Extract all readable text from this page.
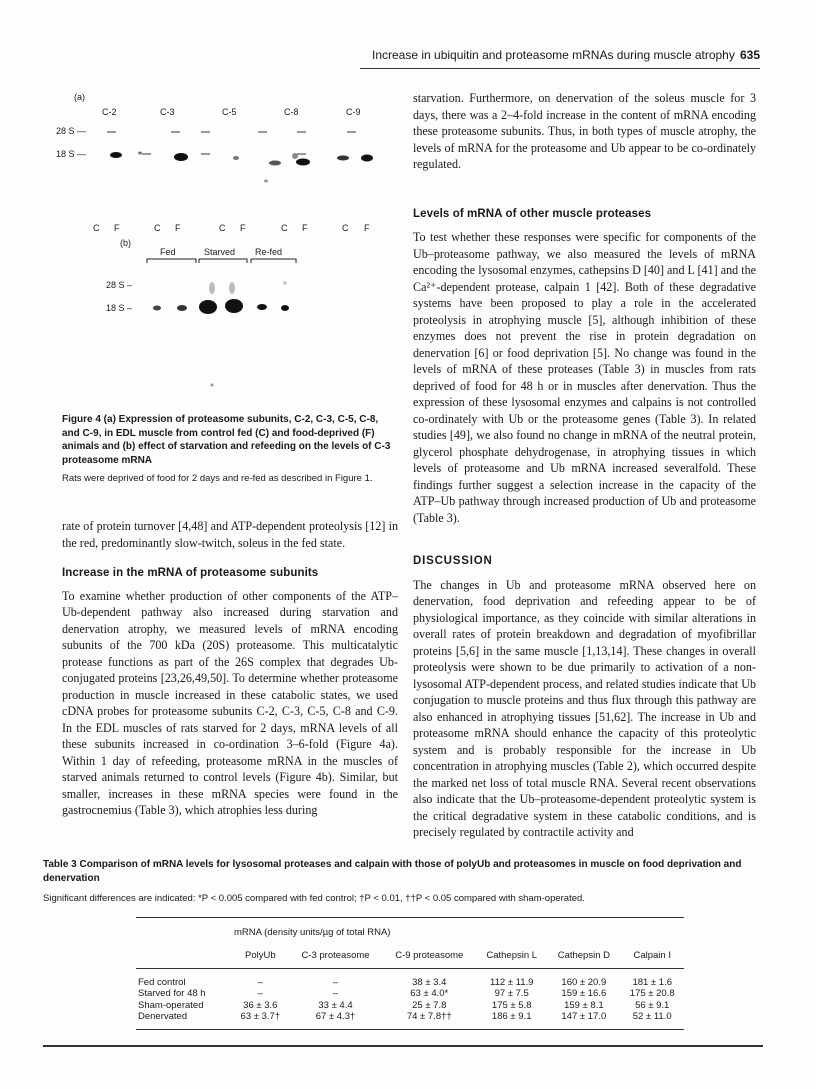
Increase in ubiquitin and proteasome mRNAs during muscle atrophy 635
(a)
C-2	C-3	C-5	C-8	C-9
28 S —
18 S —
C F	C F	C F	C F	C F
(b)
Fed	Starved Re-fed
28 S –
18 S –
Figure 4 (a) Expression of proteasome subunits, C-2, C-3, C-5, C-8, and C-9, in EDL muscle from control fed (C) and food-deprived (F) animals and (b) effect of starvation and refeeding on the levels of C-3 proteasome mRNA
Rats were deprived of food for 2 days and re-fed as described in Figure 1.

rate of protein turnover [4,48] and ATP-dependent proteolysis [12] in the red, predominantly slow-twitch, soleus in the fed state.

Increase in the mRNA of proteasome subunits

To examine whether production of other components of the ATP–Ub-dependent pathway also increased during starvation and denervation atrophy, we measured levels of mRNA encoding subunits of the 700 kDa (20S) proteasome. This multicatalytic protease functions as part of the 26S complex that degrades Ub-conjugated proteins [23,26,49,50]. To determine whether proteasome production in muscle increased in these catabolic states, we used cDNA probes for proteasome subunits C-2, C-3, C-5, C-8 and C-9. In the EDL muscles of rats starved for 2 days, mRNA levels of all these subunits increased in co-ordination 3–6-fold (Figure 4a). Within 1 day of refeeding, proteasome mRNA in the muscles of starved animals returned to control levels (Figure 4b). Similar, but smaller, increases in these mRNA species were found in the gastrocnemius (Table 3), which atrophies less during

starvation. Furthermore, on denervation of the soleus muscle for 3 days, there was a 2–4-fold increase in the content of mRNA encoding these proteasome subunits. Thus, in both types of muscle atrophy, the levels of mRNA for the proteasome and Ub appear to be co-ordinately regulated.

Levels of mRNA of other muscle proteases

To test whether these responses were specific for components of the Ub–proteasome pathway, we also measured the levels of mRNA encoding the lysosomal enzymes, cathepsins D [40] and L [41] and the Ca²⁺-dependent protease, calpain 1 [42]. Both of these degradative systems have been proposed to play a role in the accelerated proteolysis in atrophying muscle [5], although inhibition of these enzymes does not prevent the rise in protein degradation on denervation [6] or food deprivation [5]. No change was found in the levels of mRNA of these proteases (Table 3) in muscles from rats deprived of food for 48 h or in muscles after denervation. Thus the expression of these lysosomal enzymes and calpains is not controlled co-ordinately with Ub or the proteasome genes (Table 3). In related studies [49], we also found no change in mRNA of the neutral protein, glycerol phosphate dehydrogenase, in atrophying tissues in which levels of proteasome and Ub mRNA increased severalfold. These findings further suggest a selection increase in the capacity of the ATP–Ub pathway through increased production of Ub and proteasome (Table 3).

DISCUSSION

The changes in Ub and proteasome mRNA observed here on denervation, food deprivation and refeeding appear to be of physiological importance, as they coincide with similar alterations in overall rates of protein breakdown and degradation of myofibrillar proteins [5,6] in the same muscle [1,13,14]. These changes in overall proteolysis were shown to be due primarily to activation of a non-lysosomal ATP-dependent process, and related studies indicate that Ub conjugation to muscle proteins and thus flux through this pathway are also enhanced in atrophying tissues [51,62]. The increase in Ub and proteasome mRNA should enhance the capacity of this proteolytic system and is probably responsible for the increase in Ub concentration in atrophying muscles (Table 2), which occurred despite the marked net loss of total muscle RNA. Several recent observations also indicate that the Ub–proteasome-dependent proteolytic system is the critical degradative system in these catabolic conditions, and is precisely regulated by contractile activity and

Table 3 Comparison of mRNA levels for lysosomal proteases and calpain with those of polyUb and proteasomes in muscle on food deprivation and denervation
Significant differences are indicated: *P < 0.005 compared with fed control; †P < 0.01, ††P < 0.05 compared with sham-operated.
	mRNA (density units/µg of total RNA)					
	PolyUb	C-3 proteasome	C-9 proteasome	Cathepsin L	Cathepsin D	Calpain I
Fed control	–	–	38 ± 3.4	112 ± 11.9	160 ± 20.9	181 ± 1.6
Starved for 48 h	–	–	63 ± 4.0*	97 ± 7.5	159 ± 16.6	175 ± 20.8
Sham-operated	36 ± 3.6	33 ± 4.4	25 ± 7.8	175 ± 5.8	159 ± 8.1	56 ± 9.1
Denervated	63 ± 3.7†	67 ± 4.3†	74 ± 7.8††	186 ± 9.1	147 ± 17.0	52 ± 11.0
